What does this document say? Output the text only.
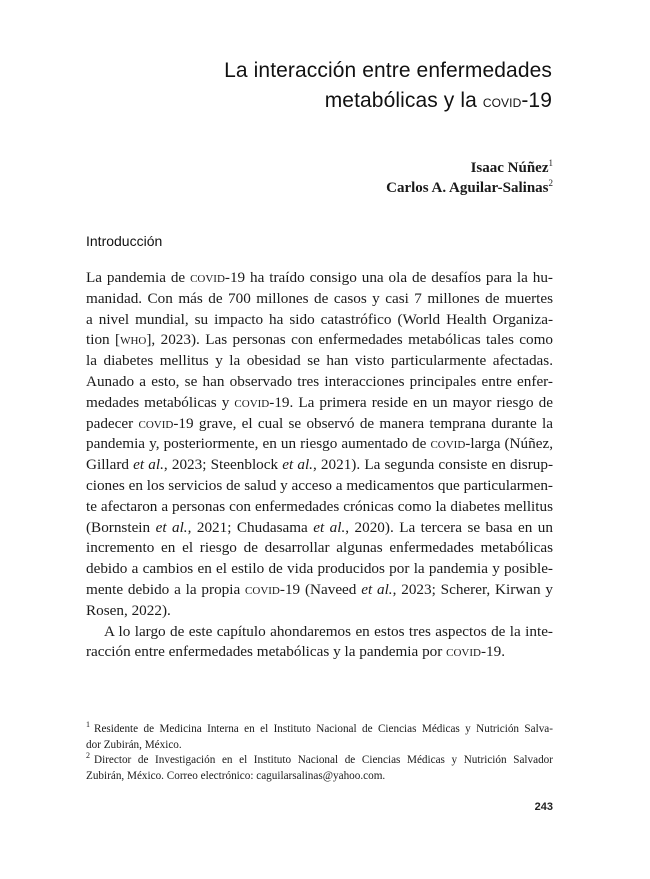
La interacción entre enfermedades
metabólicas y la covid-19
Isaac Núñez$^1$
Carlos A. Aguilar-Salinas$^2$
Introducción
La pandemia de covid-19 ha traído consigo una ola de desafíos para la hu-
manidad. Con más de 700 millones de casos y casi 7 millones de muertes
a nivel mundial, su impacto ha sido catastrófico (World Health Organiza-
tion [who], 2023). Las personas con enfermedades metabólicas tales como
la diabetes mellitus y la obesidad se han visto particularmente afectadas.
Aunado a esto, se han observado tres interacciones principales entre enfer-
medades metabólicas y covid-19. La primera reside en un mayor riesgo de
padecer covid-19 grave, el cual se observó de manera temprana durante la
pandemia y, posteriormente, en un riesgo aumentado de covid-larga (Núñez,
Gillard et al., 2023; Steenblock et al., 2021). La segunda consiste en disrup-
ciones en los servicios de salud y acceso a medicamentos que particularmen-
te afectaron a personas con enfermedades crónicas como la diabetes mellitus
(Bornstein et al., 2021; Chudasama et al., 2020). La tercera se basa en un
incremento en el riesgo de desarrollar algunas enfermedades metabólicas
debido a cambios en el estilo de vida producidos por la pandemia y posible-
mente debido a la propia covid-19 (Naveed et al., 2023; Scherer, Kirwan y
Rosen, 2022).
A lo largo de este capítulo ahondaremos en estos tres aspectos de la inte-
racción entre enfermedades metabólicas y la pandemia por covid-19.
$^1$ Residente de Medicina Interna en el Instituto Nacional de Ciencias Médicas y Nutrición Salva-
dor Zubirán, México.
$^2$ Director de Investigación en el Instituto Nacional de Ciencias Médicas y Nutrición Salvador
Zubirán, México. Correo electrónico: caguilarsalinas@yahoo.com.
243
